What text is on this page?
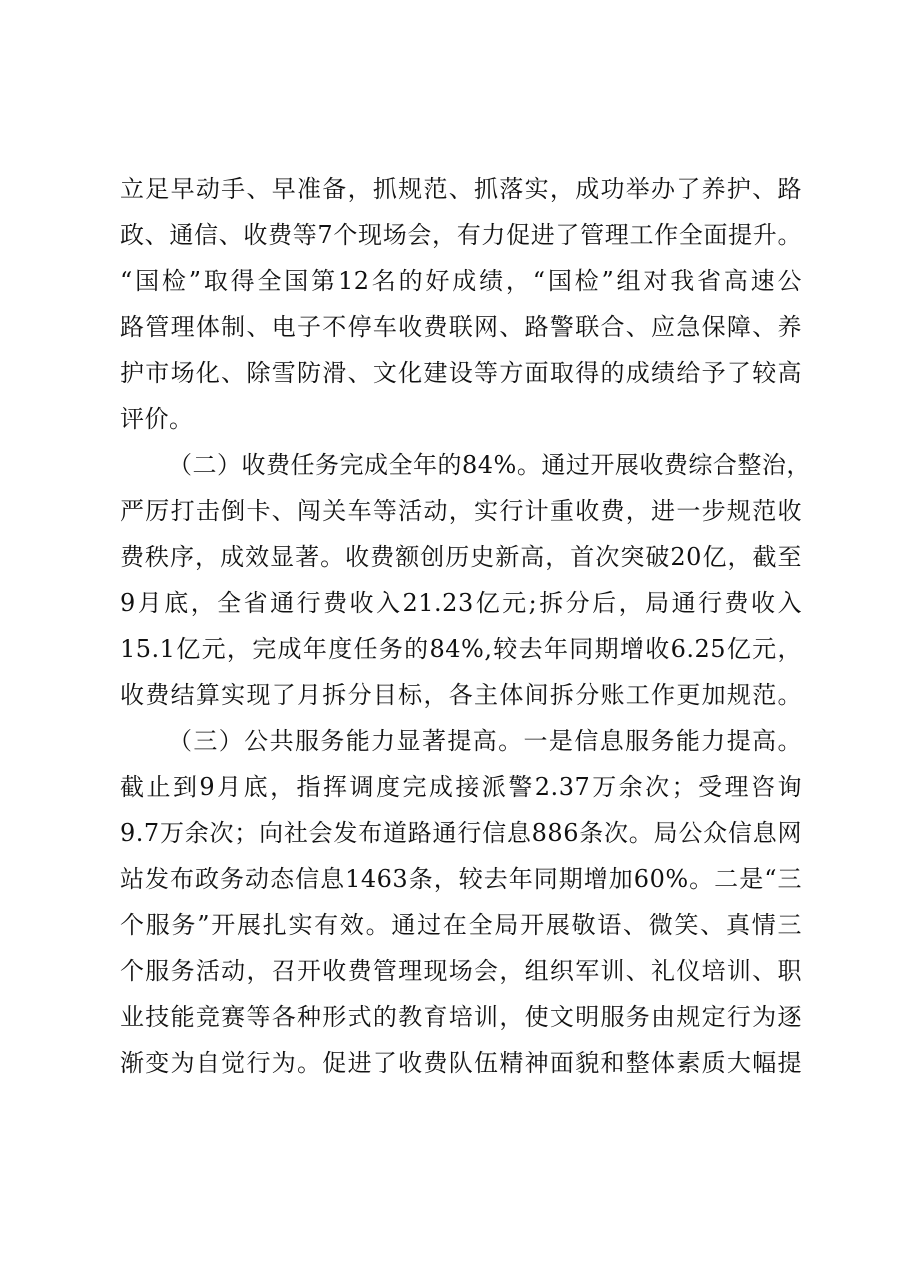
立足早动手、早准备，抓规范、抓落实，成功举办了养护、路
政、通信、收费等7个现场会，有力促进了管理工作全面提升。
“国检”取得全国第12名的好成绩，“国检”组对我省高速公
路管理体制、电子不停车收费联网、路警联合、应急保障、养
护市场化、除雪防滑、文化建设等方面取得的成绩给予了较高
评价。
（二）收费任务完成全年的84%。通过开展收费综合整治，
严厉打击倒卡、闯关车等活动，实行计重收费，进一步规范收
费秩序，成效显著。收费额创历史新高，首次突破20亿，截至
9月底，全省通行费收入21.23亿元;拆分后，局通行费收入
15.1亿元，完成年度任务的84%,较去年同期增收6.25亿元，
收费结算实现了月拆分目标，各主体间拆分账工作更加规范。
（三）公共服务能力显著提高。一是信息服务能力提高。
截止到9月底，指挥调度完成接派警2.37万余次；受理咨询
9.7万余次；向社会发布道路通行信息886条次。局公众信息网
站发布政务动态信息1463条，较去年同期增加60%。二是“三
个服务”开展扎实有效。通过在全局开展敬语、微笑、真情三
个服务活动，召开收费管理现场会，组织军训、礼仪培训、职
业技能竞赛等各种形式的教育培训，使文明服务由规定行为逐
渐变为自觉行为。促进了收费队伍精神面貌和整体素质大幅提
